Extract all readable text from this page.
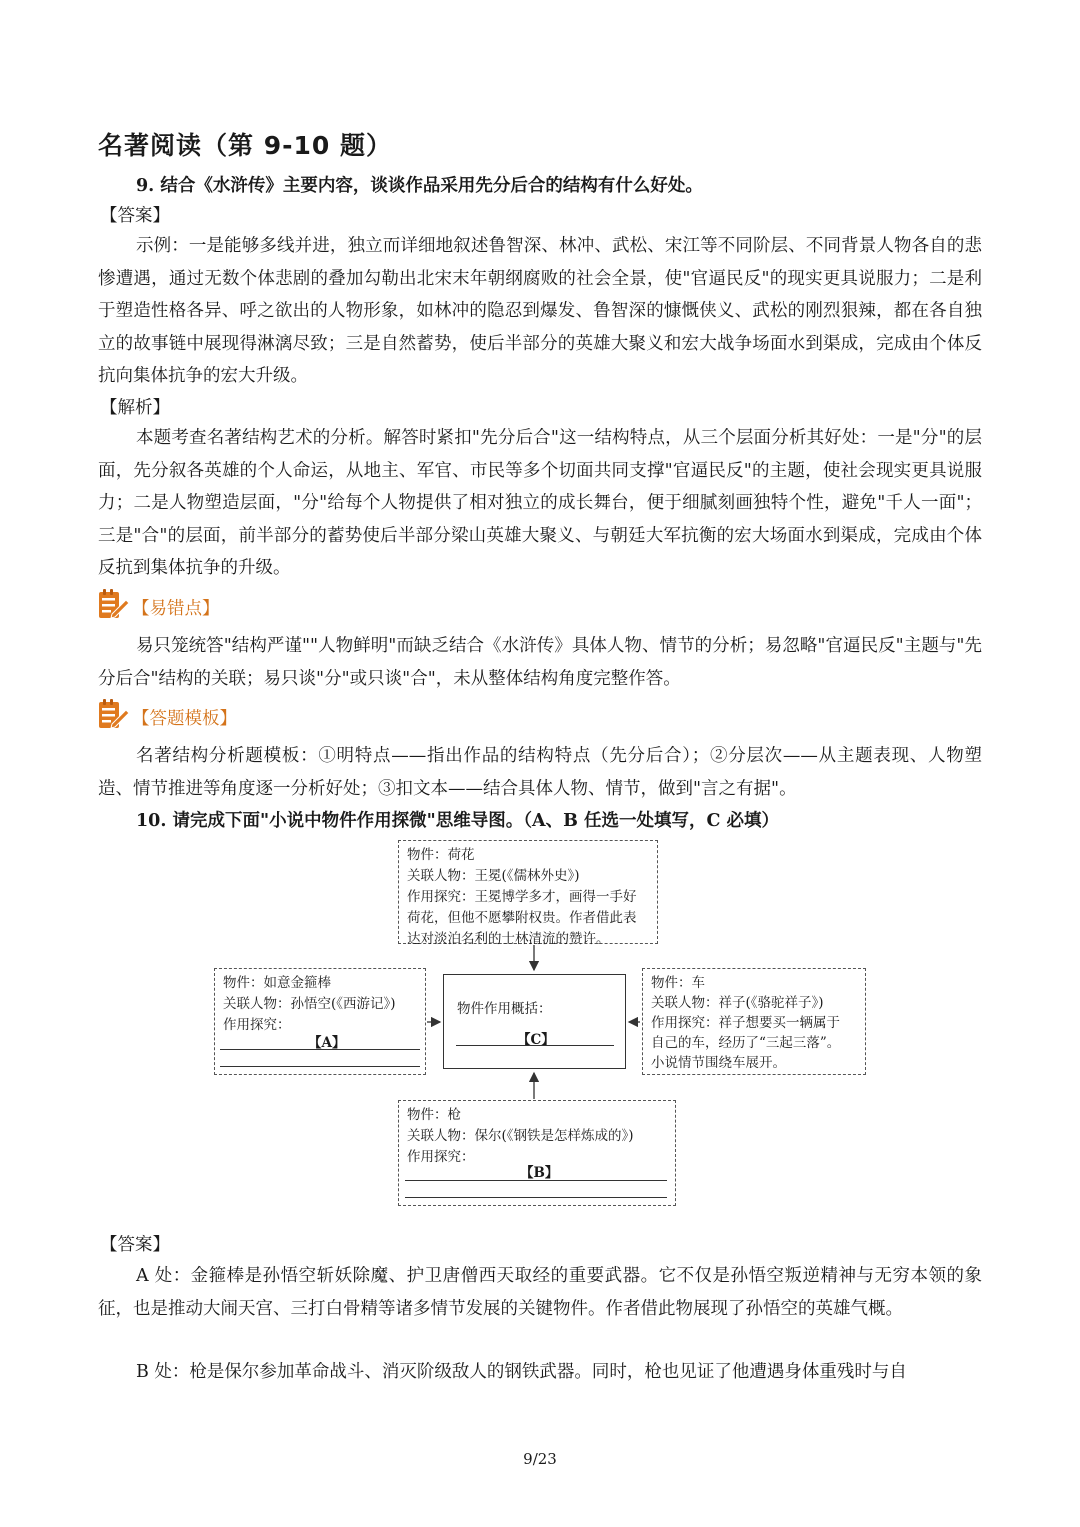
名著阅读（第 9-10 题）
9. 结合《水浒传》主要内容，谈谈作品采用先分后合的结构有什么好处。
【答案】
示例：一是能够多线并进，独立而详细地叙述鲁智深、林冲、武松、宋江等不同阶层、不同背景人物各自的悲惨遭遇，通过无数个体悲剧的叠加勾勒出北宋末年朝纲腐败的社会全景，使"官逼民反"的现实更具说服力；二是利于塑造性格各异、呼之欲出的人物形象，如林冲的隐忍到爆发、鲁智深的慷慨侠义、武松的刚烈狠辣，都在各自独立的故事链中展现得淋漓尽致；三是自然蓄势，使后半部分的英雄大聚义和宏大战争场面水到渠成，完成由个体反抗向集体抗争的宏大升级。
【解析】
本题考查名著结构艺术的分析。解答时紧扣"先分后合"这一结构特点，从三个层面分析其好处：一是"分"的层面，先分叙各英雄的个人命运，从地主、军官、市民等多个切面共同支撑"官逼民反"的主题，使社会现实更具说服力；二是人物塑造层面，"分"给每个人物提供了相对独立的成长舞台，便于细腻刻画独特个性，避免"千人一面"；三是"合"的层面，前半部分的蓄势使后半部分梁山英雄大聚义、与朝廷大军抗衡的宏大场面水到渠成，完成由个体反抗到集体抗争的升级。
【易错点】
易只笼统答"结构严谨""人物鲜明"而缺乏结合《水浒传》具体人物、情节的分析；易忽略"官逼民反"主题与"先分后合"结构的关联；易只谈"分"或只谈"合"，未从整体结构角度完整作答。
【答题模板】
名著结构分析题模板：①明特点——指出作品的结构特点（先分后合）；②分层次——从主题表现、人物塑造、情节推进等角度逐一分析好处；③扣文本——结合具体人物、情节，做到"言之有据"。
10. 请完成下面"小说中物件作用探微"思维导图。（A、B 任选一处填写，C 必填）
物件：荷花
关联人物：王冕(《儒林外史》)
作用探究：王冕博学多才，画得一手好
荷花，但他不愿攀附权贵。作者借此表
达对淡泊名利的士林清流的赞许。
物件：如意金箍棒
关联人物：孙悟空(《西游记》)
作用探究：
【A】
物件作用概括：
【C】
物件：车
关联人物：祥子(《骆驼祥子》)
作用探究：祥子想要买一辆属于
自己的车，经历了“三起三落”。
小说情节围绕车展开。
物件：枪
关联人物：保尔(《钢铁是怎样炼成的》)
作用探究：
【B】
【答案】
A 处：金箍棒是孙悟空斩妖除魔、护卫唐僧西天取经的重要武器。它不仅是孙悟空叛逆精神与无穷本领的象征，也是推动大闹天宫、三打白骨精等诸多情节发展的关键物件。作者借此物展现了孙悟空的英雄气概。
B 处：枪是保尔参加革命战斗、消灭阶级敌人的钢铁武器。同时，枪也见证了他遭遇身体重残时与自
9/23
